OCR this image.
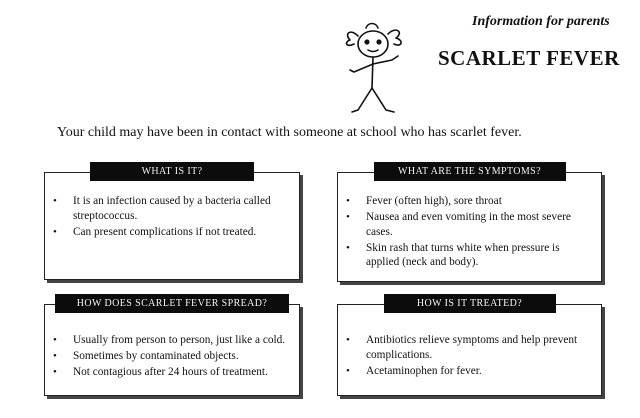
Information for parents
SCARLET FEVER
Your child may have been in contact with someone at school who has scarlet fever.
WHAT IS IT?
• It is an infection caused by a bacteria called streptococcus.
• Can present complications if not treated.
WHAT ARE THE SYMPTOMS?
• Fever (often high), sore throat
• Nausea and even vomiting in the most severe cases.
• Skin rash that turns white when pressure is applied (neck and body).
HOW DOES SCARLET FEVER SPREAD?
• Usually from person to person, just like a cold.
• Sometimes by contaminated objects.
• Not contagious after 24 hours of treatment.
HOW IS IT TREATED?
• Antibiotics relieve symptoms and help prevent complications.
• Acetaminophen for fever.
